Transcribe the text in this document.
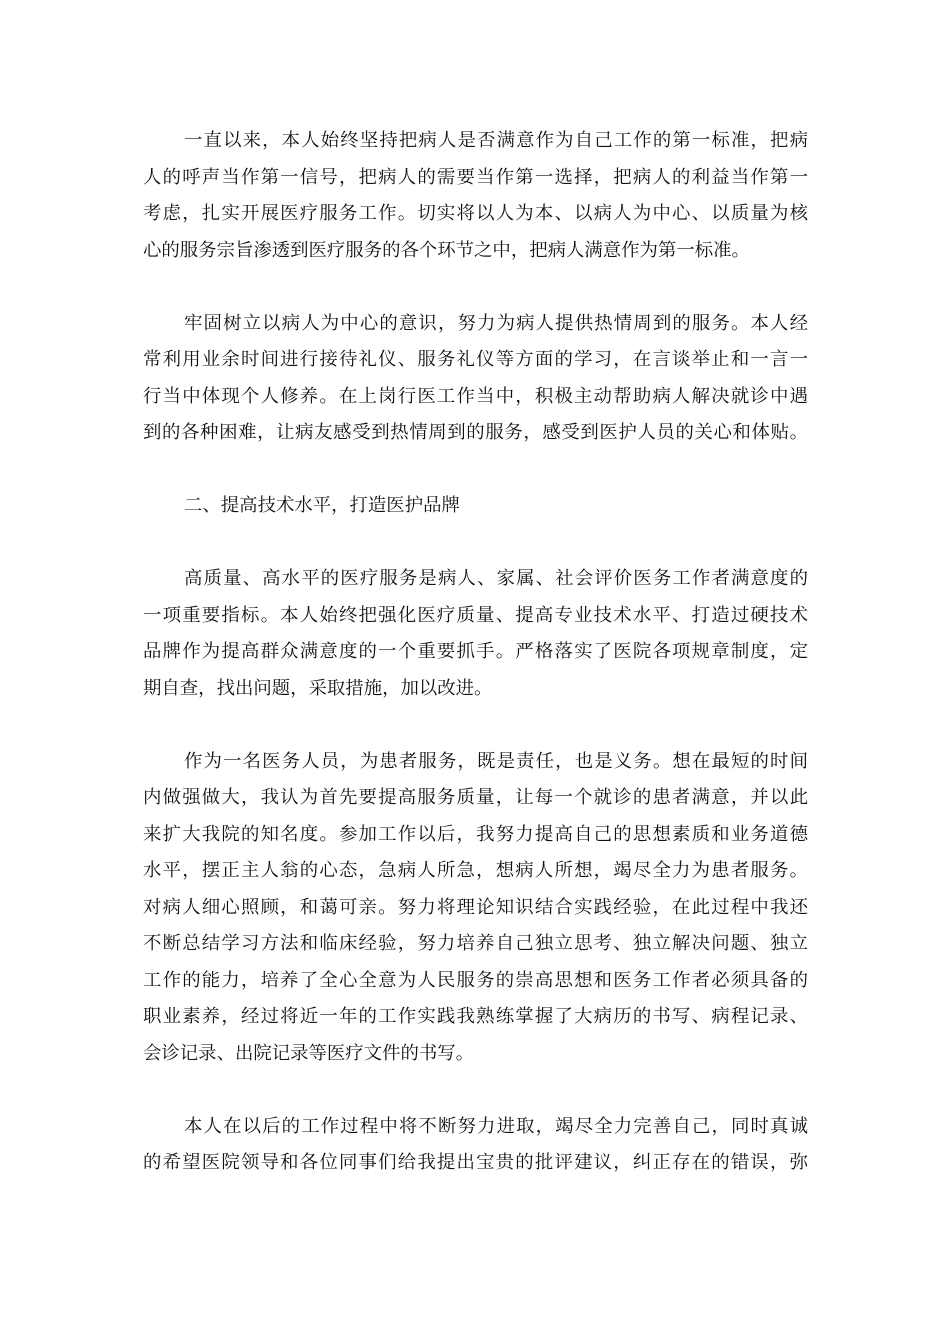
一直以来，本人始终坚持把病人是否满意作为自己工作的第一标准，把病
人的呼声当作第一信号，把病人的需要当作第一选择，把病人的利益当作第一
考虑，扎实开展医疗服务工作。切实将以人为本、以病人为中心、以质量为核
心的服务宗旨渗透到医疗服务的各个环节之中，把病人满意作为第一标准。
牢固树立以病人为中心的意识，努力为病人提供热情周到的服务。本人经
常利用业余时间进行接待礼仪、服务礼仪等方面的学习，在言谈举止和一言一
行当中体现个人修养。在上岗行医工作当中，积极主动帮助病人解决就诊中遇
到的各种困难，让病友感受到热情周到的服务，感受到医护人员的关心和体贴。
二、提高技术水平，打造医护品牌
高质量、高水平的医疗服务是病人、家属、社会评价医务工作者满意度的
一项重要指标。本人始终把强化医疗质量、提高专业技术水平、打造过硬技术
品牌作为提高群众满意度的一个重要抓手。严格落实了医院各项规章制度，定
期自查，找出问题，采取措施，加以改进。
作为一名医务人员，为患者服务，既是责任，也是义务。想在最短的时间
内做强做大，我认为首先要提高服务质量，让每一个就诊的患者满意，并以此
来扩大我院的知名度。参加工作以后，我努力提高自己的思想素质和业务道德
水平，摆正主人翁的心态，急病人所急，想病人所想，竭尽全力为患者服务。
对病人细心照顾，和蔼可亲。努力将理论知识结合实践经验，在此过程中我还
不断总结学习方法和临床经验，努力培养自己独立思考、独立解决问题、独立
工作的能力，培养了全心全意为人民服务的崇高思想和医务工作者必须具备的
职业素养，经过将近一年的工作实践我熟练掌握了大病历的书写、病程记录、
会诊记录、出院记录等医疗文件的书写。
本人在以后的工作过程中将不断努力进取，竭尽全力完善自己，同时真诚
的希望医院领导和各位同事们给我提出宝贵的批评建议，纠正存在的错误，弥
